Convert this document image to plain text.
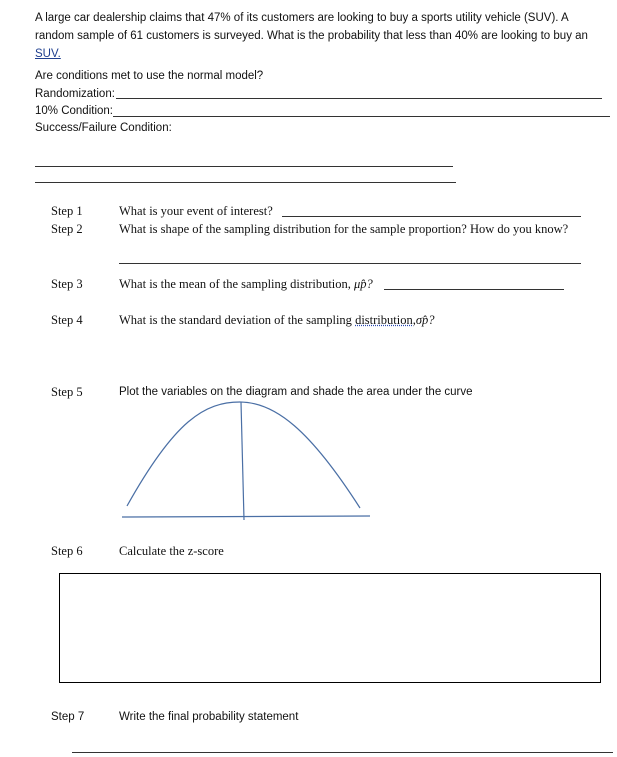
A large car dealership claims that 47% of its customers are looking to buy a sports utility vehicle (SUV). A random sample of 61 customers is surveyed. What is the probability that less than 40% are looking to buy an SUV.
Are conditions met to use the normal model?
Randomization:
10% Condition:
Success/Failure Condition:
Step 1	What is your event of interest?
Step 2	What is shape of the sampling distribution for the sample proportion? How do you know?
Step 3	What is the mean of the sampling distribution, μp̂?
Step 4	What is the standard deviation of the sampling distribution,σp̂?
Step 5	Plot the variables on the diagram and shade the area under the curve
Step 6	Calculate the z-score
Step 7	Write the final probability statement
